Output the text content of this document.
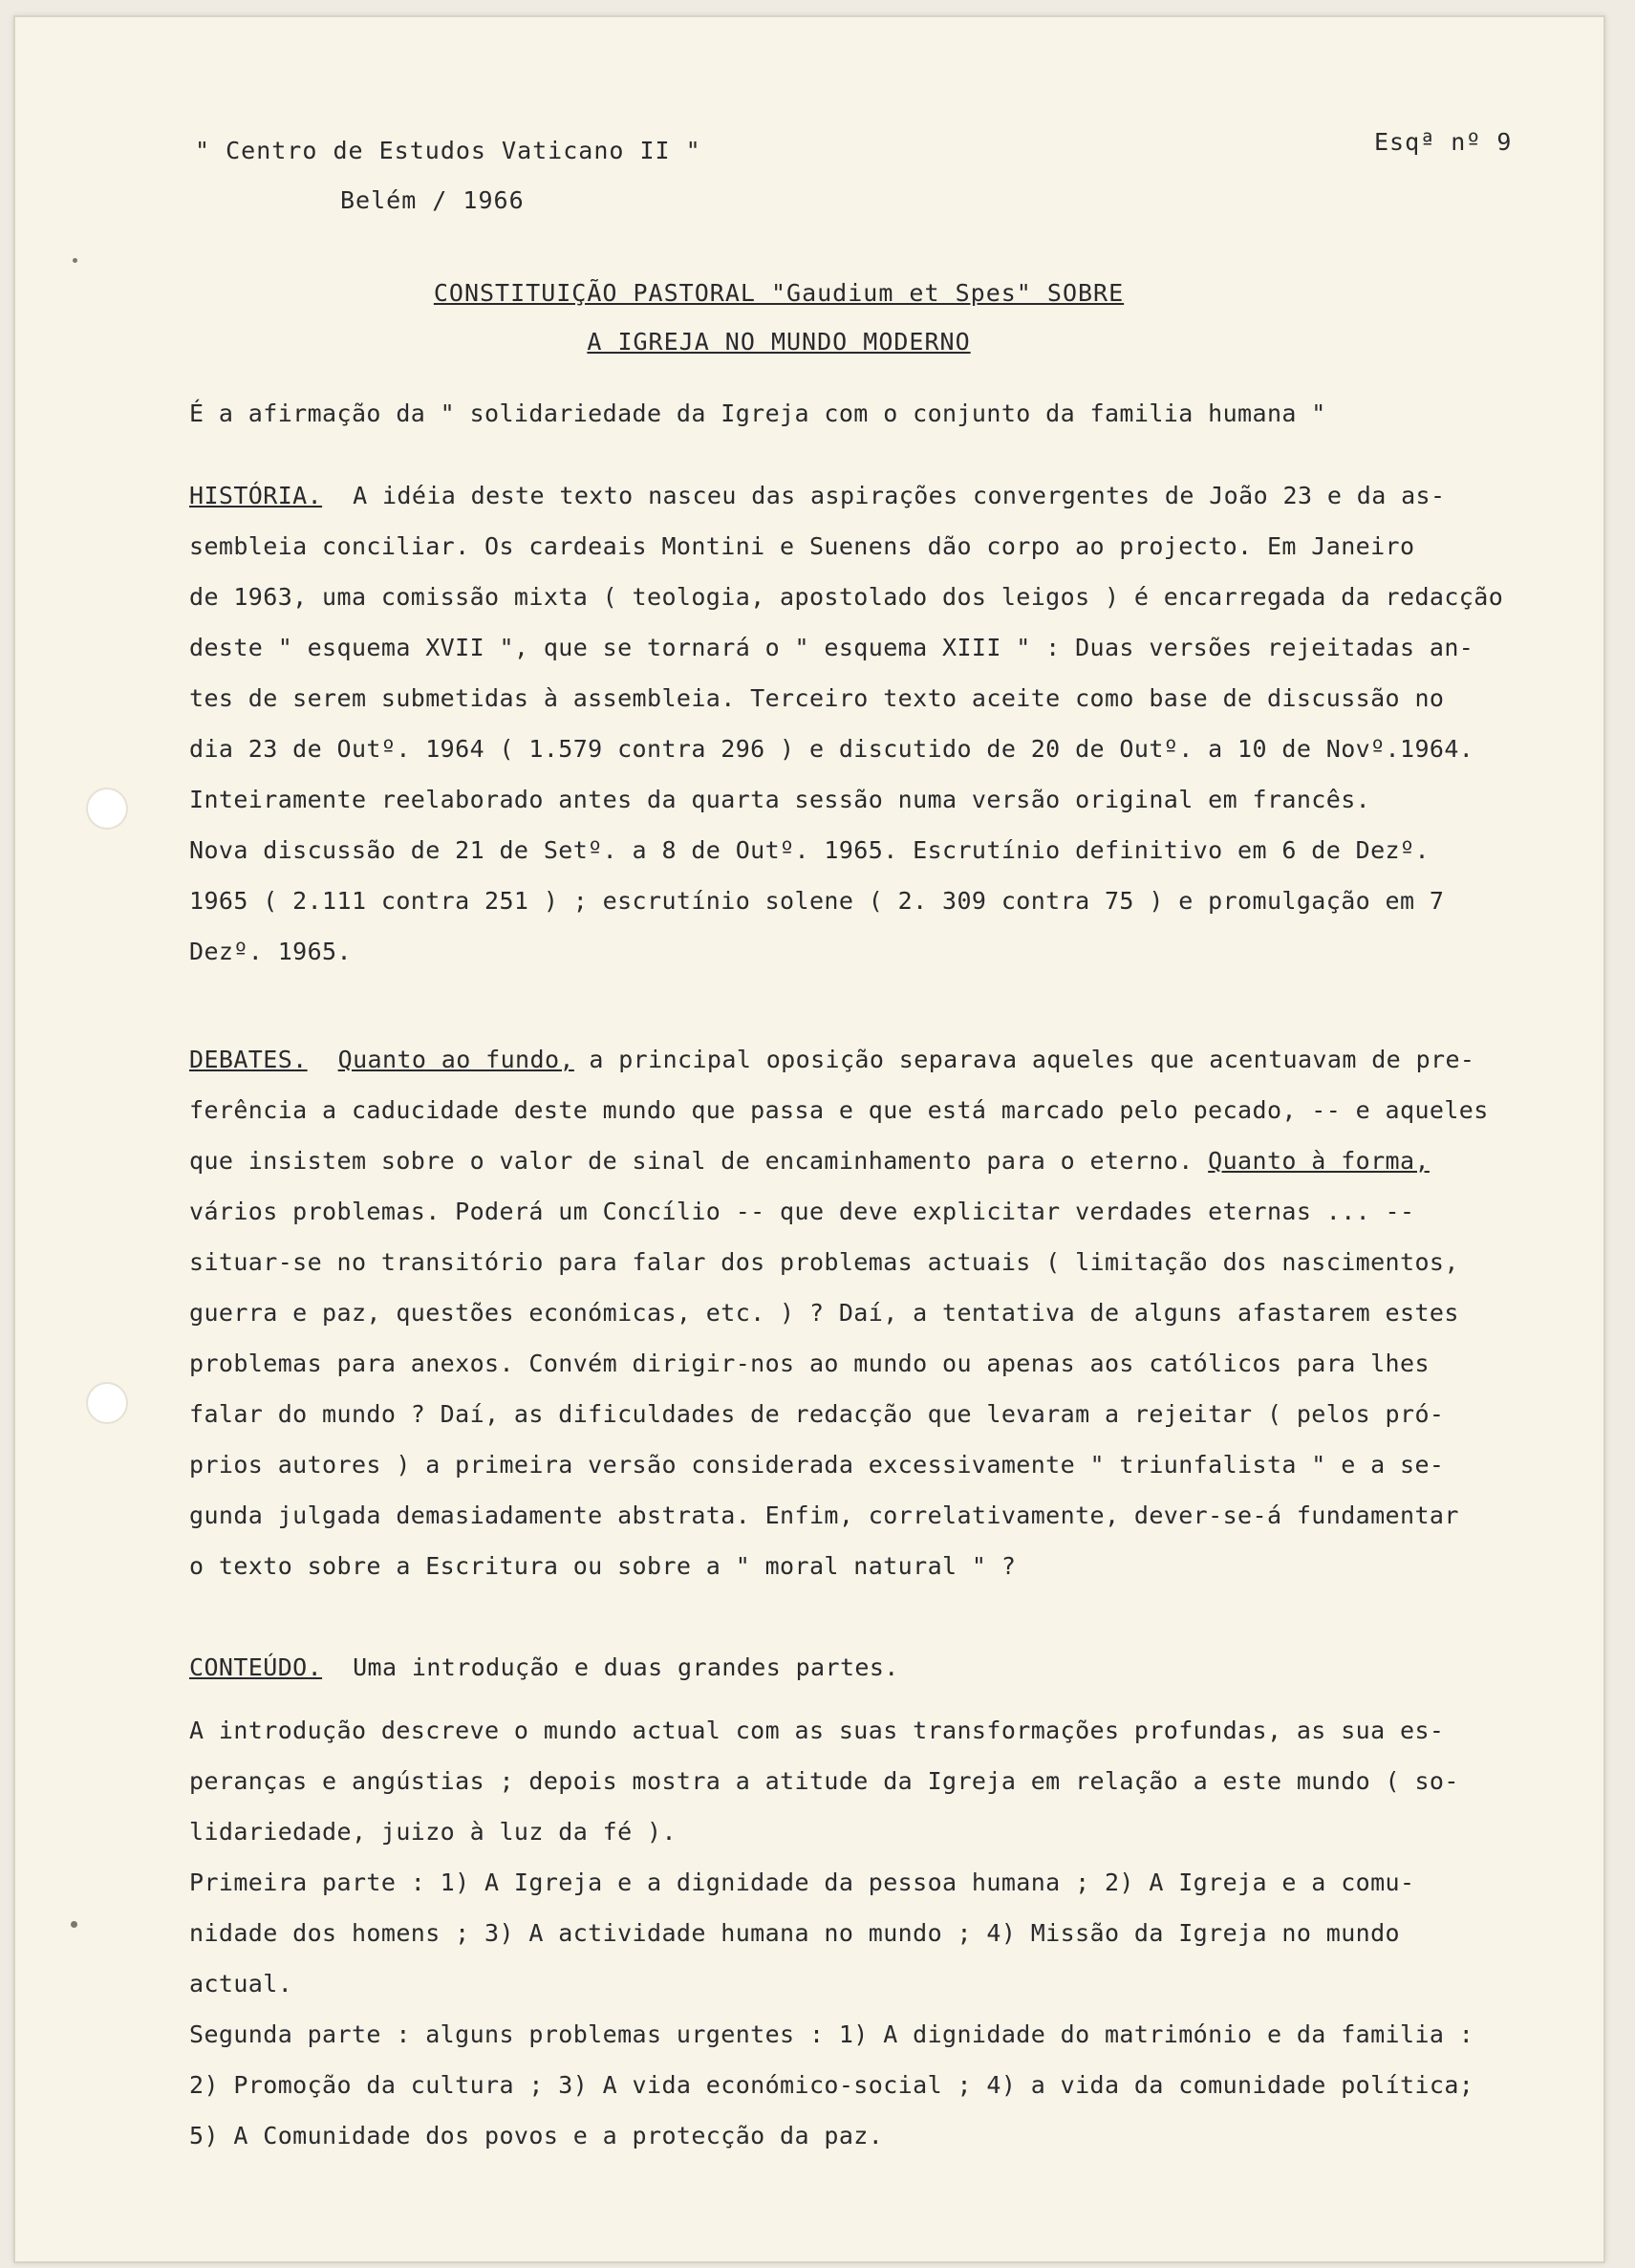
" Centro de Estudos Vaticano II "
Belém / 1966
Esqª nº 9
CONSTITUIÇÃO PASTORAL "Gaudium et Spes" SOBRE
A IGREJA NO MUNDO MODERNO
É a afirmação da " solidariedade da Igreja com o conjunto da familia humana "
HISTÓRIA. A idéia deste texto nasceu das aspirações convergentes de João 23 e da as-
sembleia conciliar. Os cardeais Montini e Suenens dão corpo ao projecto. Em Janeiro
de 1963, uma comissão mixta ( teologia, apostolado dos leigos ) é encarregada da redacção
deste " esquema XVII ", que se tornará o " esquema XIII " : Duas versões rejeitadas an-
tes de serem submetidas à assembleia. Terceiro texto aceite como base de discussão no
dia 23 de Outº. 1964 ( 1.579 contra 296 ) e discutido de 20 de Outº. a 10 de Novº.1964.
Inteiramente reelaborado antes da quarta sessão numa versão original em francês.
Nova discussão de 21 de Setº. a 8 de Outº. 1965. Escrutínio definitivo em 6 de Dezº.
1965 ( 2.111 contra 251 ) ; escrutínio solene ( 2. 309 contra 75 ) e promulgação em 7
Dezº. 1965.
DEBATES. Quanto ao fundo, a principal oposição separava aqueles que acentuavam de pre-
ferência a caducidade deste mundo que passa e que está marcado pelo pecado, -- e aqueles
que insistem sobre o valor de sinal de encaminhamento para o eterno. Quanto à forma,
vários problemas. Poderá um Concílio -- que deve explicitar verdades eternas ... --
situar-se no transitório para falar dos problemas actuais ( limitação dos nascimentos,
guerra e paz, questões económicas, etc. ) ? Daí, a tentativa de alguns afastarem estes
problemas para anexos. Convém dirigir-nos ao mundo ou apenas aos católicos para lhes
falar do mundo ? Daí, as dificuldades de redacção que levaram a rejeitar ( pelos pró-
prios autores ) a primeira versão considerada excessivamente " triunfalista " e a se-
gunda julgada demasiadamente abstrata. Enfim, correlativamente, dever-se-á fundamentar
o texto sobre a Escritura ou sobre a " moral natural " ?
CONTEÚDO. Uma introdução e duas grandes partes.
A introdução descreve o mundo actual com as suas transformações profundas, as sua es-
peranças e angústias ; depois mostra a atitude da Igreja em relação a este mundo ( so-
lidariedade, juizo à luz da fé ).
Primeira parte : 1) A Igreja e a dignidade da pessoa humana ; 2) A Igreja e a comu-
nidade dos homens ; 3) A actividade humana no mundo ; 4) Missão da Igreja no mundo
actual.
Segunda parte : alguns problemas urgentes : 1) A dignidade do matrimónio e da familia :
2) Promoção da cultura ; 3) A vida económico-social ; 4) a vida da comunidade política;
5) A Comunidade dos povos e a protecção da paz.
